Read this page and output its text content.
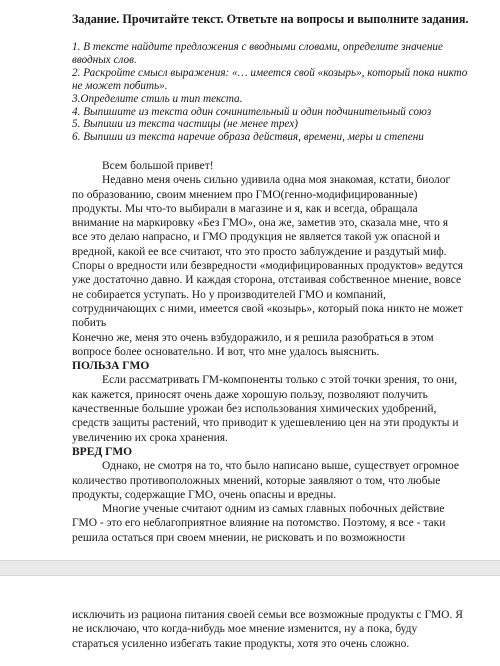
Задание. Прочитайте текст. Ответьте на вопросы и выполните задания.
1. В тексте найдите предложения с вводными словами, определите значение вводных слов.
2. Раскройте смысл выражения: «… имеется свой «козырь», который пока никто не может побить».
3.Определите стиль и тип текста.
4. Выпишите из текста один сочинительный и один подчинительный союз
5. Выпиши из текста частицы (не менее трех)
6. Выпиши из текста наречие образа действия, времени, меры и степени

Всем большой привет!

Недавно меня очень сильно удивила одна моя знакомая, кстати, биолог по образованию, своим мнением про ГМО(генно-модифицированные) продукты. Мы что-то выбирали в магазине и я, как и всегда, обращала внимание на маркировку «Без ГМО», она же, заметив это, сказала мне, что я все это делаю напрасно, и ГМО продукция не является такой уж опасной и вредной, какой ее все считают, что это просто заблуждение и раздутый миф. Споры о вредности или безвредности «модифицированных продуктов» ведутся уже достаточно давно. И каждая сторона, отстаивая собственное мнение, вовсе не собирается уступать. Но у производителей ГМО и компаний, сотрудничающих с ними, имеется свой «козырь», который пока никто не может побить

Конечно же, меня это очень взбудоражило, и я решила разобраться в этом вопросе более основательно. И вот, что мне удалось выяснить.

ПОЛЬЗА ГМО

Если рассматривать ГМ-компоненты только с этой точки зрения, то они, как кажется, приносят очень даже хорошую пользу, позволяют получить качественные большие урожаи без использования химических удобрений, средств защиты растений, что приводит к удешевлению цен на эти продукты и увеличению их срока хранения.

ВРЕД ГМО

Однако, не смотря на то, что было написано выше, существует огромное количество противоположных мнений, которые заявляют о том, что любые продукты, содержащие ГМО, очень опасны и вредны.

Многие ученые считают одним из самых главных побочных действие ГМО - это его неблагоприятное влияние на потомство. Поэтому, я все - таки решила остаться при своем мнении, не рисковать и по возможности

исключить из рациона питания своей семьи все возможные продукты с ГМО. Я не исключаю, что когда-нибудь мое мнение изменится, ну а пока, буду стараться усиленно избегать такие продукты, хотя это очень сложно.
